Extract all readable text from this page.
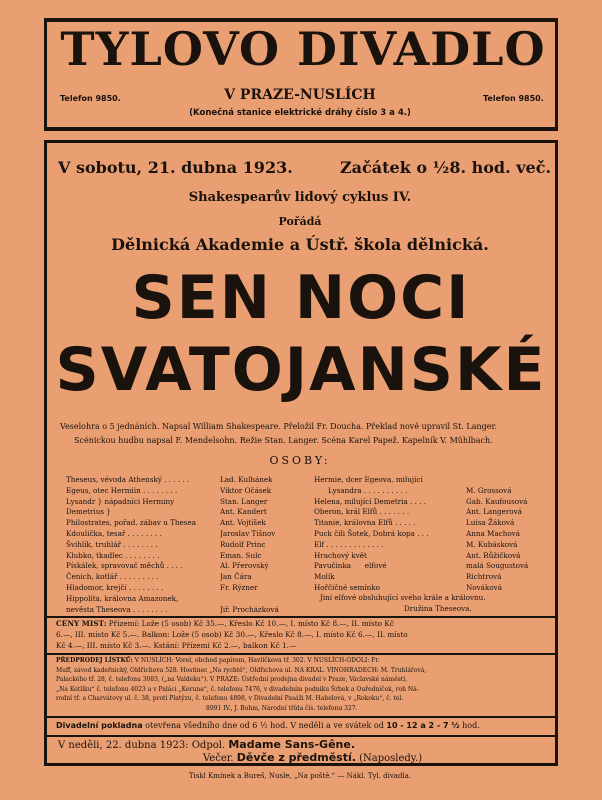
TYLOVO DIVADLO
Telefon 9850.	Telefon 9850.
V PRAZE-NUSLÍCH
(Konečná stanice elektrické dráhy číslo 3 a 4.)
V sobotu, 21. dubna 1923.	Začátek o ½8. hod. več.
Shakespearův lidový cyklus IV.
Pořádá
Dělnická Akademie a Ústř. škola dělnická.
SEN NOCI
SVATOJANSKÉ
Veselohra o 5 jednáních. Napsal William Shakespeare. Přeložil Fr. Doucha. Překlad nově upravil St. Langer.
Scénickou hudbu napsal F. Mendelsohn. Režie Stan. Langer. Scéna Karel Papež. Kapelník V. Mühlbach.
OSOBY:
Theseus, vévoda Athenský . . . . . .
Egeus, otec Hermiin . . . . . . . .
Lysandr } nápadníci Herminy
Demetrius }
Philostrates, pořad. zábav u Thesea
Kdoulička, tesař . . . . . . . .
Švihlík, truhlář . . . . . . . .
Klubko, tkadlec . . . . . . . .
Pískálek, spravovač měchů . . . .
Čenich, kotlář . . . . . . . . .
Hladomor, krejčí . . . . . . . .
Hippolita, královna Amazonek,
nevěsta Theseova . . . . . . . .
Lad. Kulhánek
Viktor Očásek
Stan. Langer
Ant. Kandert
Ant. Vojtíšek
Jaroslav Tišnov
Rudolf Princ
Eman. Sulc
Al. Přerovský
Jan Čára
Fr. Rýzner
Jiř. Procházková
Hermie, dcer Egeova, milující
Lysandra . . . . . . . . . .
Helena, milující Demetria . . . .
Oberon, král Elfů . . . . . . .
Titanie, královna Elfů . . . . .
Puck čili Šotek, Dobrá kopa . . .
Elf . . . . . . . . . . . . .
Hrachový květ
Pavučinka      elfové
Molík
Hořčičné semínko
M. Grossová
Gab. Kaufousová
Ant. Langerová
Luisa Žáková
Anna Machová
M. Kubásková
Ant. Růžičková
malá Sougustová
Richtrová
Nováková
Jiní elfové obsluhující svého krále a královnu.
Družina Theseova.
CENY MIST: Přízemí: Lože (5 osob) Kč 35.—, Křeslo Kč 10.—, I. místo Kč 8.—, II. místo Kč
6.—, III. místo Kč 5.—. Balkon: Lože (5 osob) Kč 30.—, Křeslo Kč 8.—, I. místo Kč 6.—, II. místo
Kč 4.—, III. místo Kč 3.—. Kstání: Přízemí Kč 2.—, balkon Kč 1.—
PŘEDPRODEJ LÍSTKŮ: V NUSLÍCH: Vorel, obchod papírem, Havlíčkova tř. 302. V NUSLÍCH-ODOLI: Fr.
Muff, závod kadeřnický, Oldřichova 528. Hostinec „Na rychtě“, Oldřichova ul. NA KRAL. VINOHRADECH: M. Truhlářová,
Palackého tř. 28, č. telefonu 3083, („na Valdeku“). V PRAZE: Ústřední prodejna divadel v Praze, Václavské náměstí,
„Na Kotlíku“ č. telefonu 4023 a v Paláci „Koruna“, č. telefonu 7476, v divadelním podniku Šrbek a Ouředníček, roh Ná-
rodní tř. a Charvátovy ul. č. 38, proti Platýzu, č. telefonu 4898, v Divadelní Pasáži M. Habelová, v „Rokoku“, č. tel.
8991 IV., J. Bohm, Národní třída čís. telefonu 327.
Divadelní pokladna otevřena všedního dne od 6 ½ hod. V neděli a ve svátek od 10 - 12 a 2 - 7 ½ hod.
V neděli, 22. dubna 1923: Odpol. Madame Sans-Gêne.
Večer. Děvče z předměstí. (Naposledy.)
Tiskl Kmínek a Bureš, Nusle, „Na poště.“ — Nákl. Tyl. divadla.
